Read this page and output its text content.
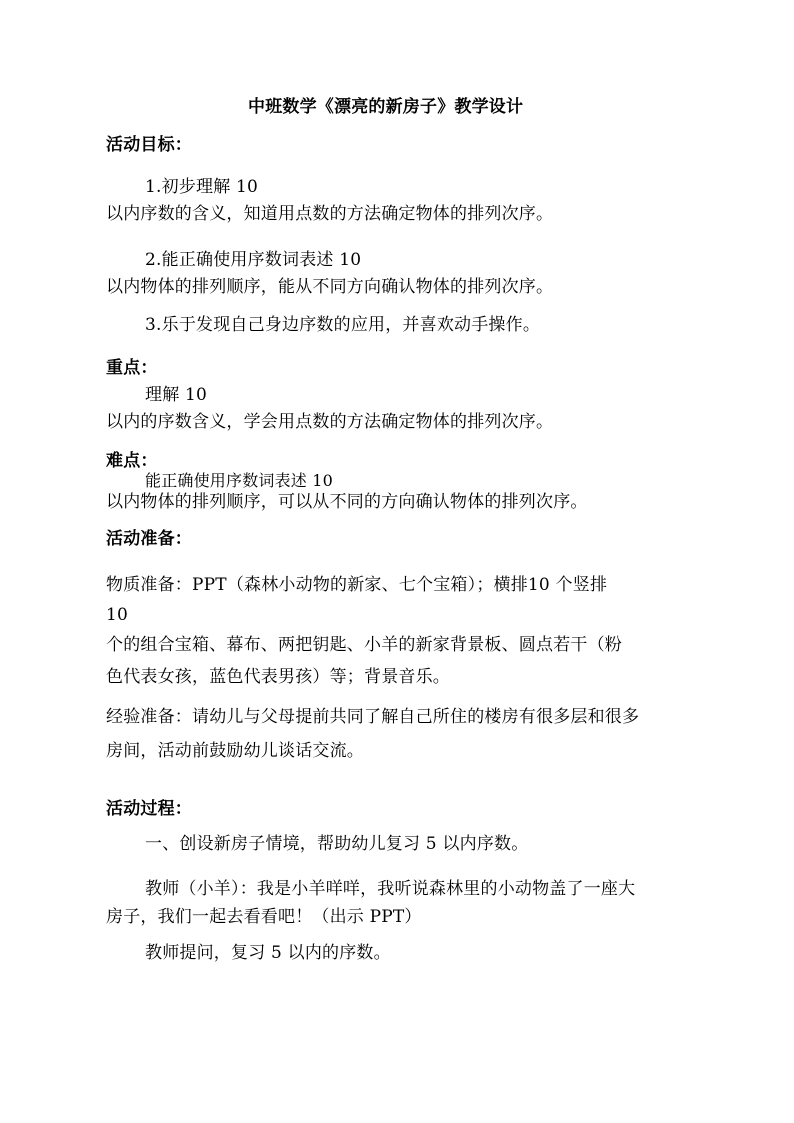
中班数学《漂亮的新房子》教学设计
活动目标：
1.初步理解 10
以内序数的含义，知道用点数的方法确定物体的排列次序。
2.能正确使用序数词表述 10
以内物体的排列顺序，能从不同方向确认物体的排列次序。
3.乐于发现自己身边序数的应用，并喜欢动手操作。
重点：
理解 10
以内的序数含义，学会用点数的方法确定物体的排列次序。
难点：
能正确使用序数词表述 10
以内物体的排列顺序，可以从不同的方向确认物体的排列次序。
活动准备：
物质准备：PPT（森林小动物的新家、七个宝箱）；横排10 个竖排
10
个的组合宝箱、幕布、两把钥匙、小羊的新家背景板、圆点若干（粉
色代表女孩，蓝色代表男孩）等；背景音乐。
经验准备：请幼儿与父母提前共同了解自己所住的楼房有很多层和很多
房间，活动前鼓励幼儿谈话交流。
活动过程：
一、创设新房子情境，帮助幼儿复习 5 以内序数。
教师（小羊）：我是小羊咩咩，我听说森林里的小动物盖了一座大
房子，我们一起去看看吧！（出示 PPT）
教师提问，复习 5 以内的序数。
